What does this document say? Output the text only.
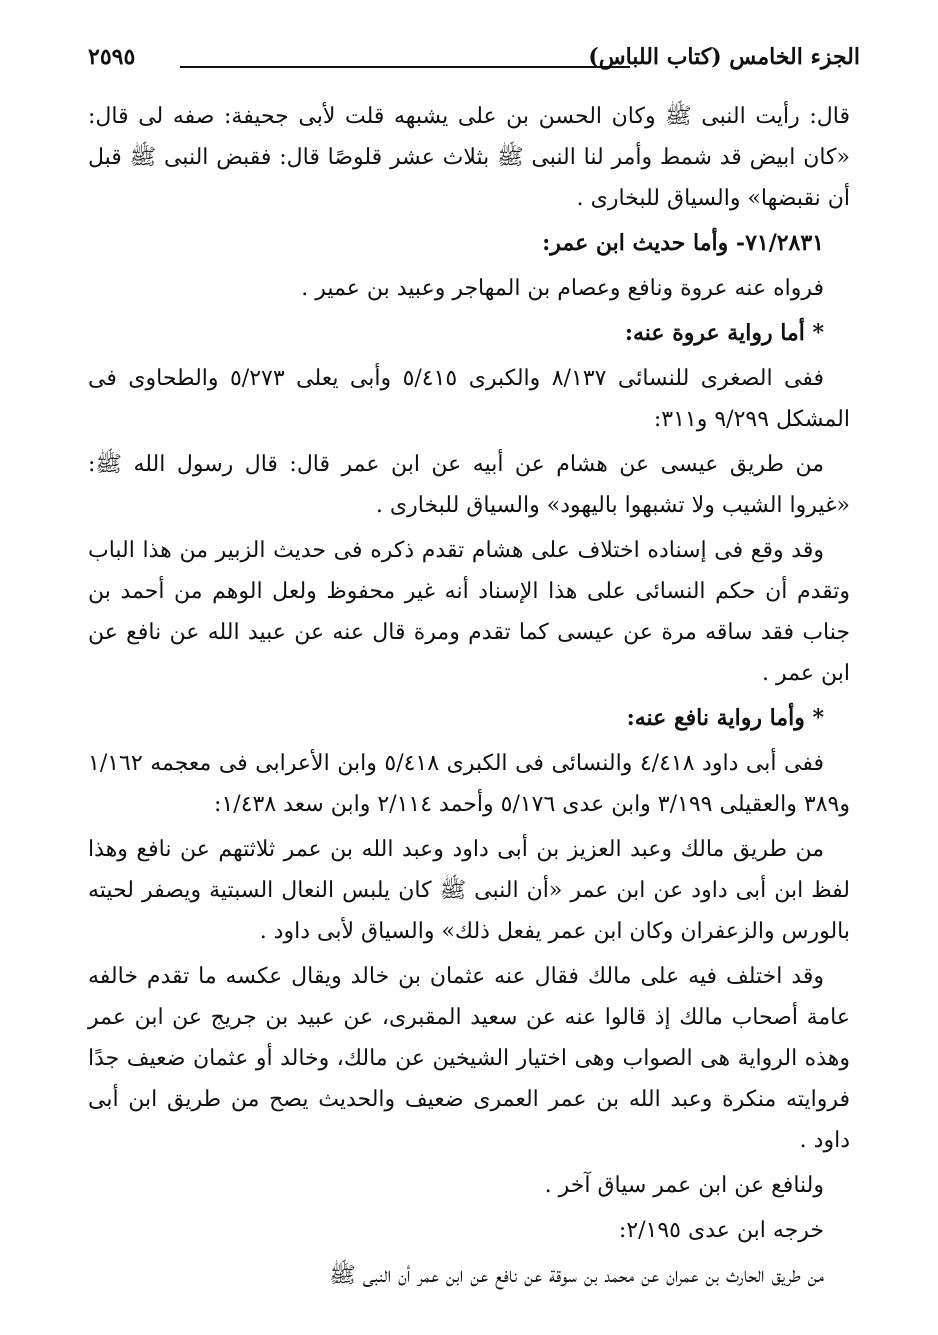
الجزء الخامس (كتاب اللباس)
٢٥٩٥

قال: رأيت النبى ﷺ وكان الحسن بن على يشبهه قلت لأبى جحيفة: صفه لى قال: «كان ابيض قد شمط وأمر لنا النبى ﷺ بثلاث عشر قلوصًا قال: فقبض النبى ﷺ قبل أن نقبضها» والسياق للبخارى .

٧١/٢٨٣١- وأما حديث ابن عمر:

فرواه عنه عروة ونافع وعصام بن المهاجر وعبيد بن عمير .

* أما رواية عروة عنه:

ففى الصغرى للنسائى ٨/١٣٧ والكبرى ٥/٤١٥ وأبى يعلى ٥/٢٧٣ والطحاوى فى المشكل ٩/٢٩٩ و٣١١:

من طريق عيسى عن هشام عن أبيه عن ابن عمر قال: قال رسول الله ﷺ: «غيروا الشيب ولا تشبهوا باليهود» والسياق للبخارى .

وقد وقع فى إسناده اختلاف على هشام تقدم ذكره فى حديث الزبير من هذا الباب وتقدم أن حكم النسائى على هذا الإسناد أنه غير محفوظ ولعل الوهم من أحمد بن جناب فقد ساقه مرة عن عيسى كما تقدم ومرة قال عنه عن عبيد الله عن نافع عن ابن عمر .

* وأما رواية نافع عنه:

ففى أبى داود ٤/٤١٨ والنسائى فى الكبرى ٥/٤١٨ وابن الأعرابى فى معجمه ١/١٦٢ و٣٨٩ والعقيلى ٣/١٩٩ وابن عدى ٥/١٧٦ وأحمد ٢/١١٤ وابن سعد ١/٤٣٨:

من طريق مالك وعبد العزيز بن أبى داود وعبد الله بن عمر ثلاثتهم عن نافع وهذا لفظ ابن أبى داود عن ابن عمر «أن النبى ﷺ كان يلبس النعال السبتية ويصفر لحيته بالورس والزعفران وكان ابن عمر يفعل ذلك» والسياق لأبى داود .

وقد اختلف فيه على مالك فقال عنه عثمان بن خالد ويقال عكسه ما تقدم خالفه عامة أصحاب مالك إذ قالوا عنه عن سعيد المقبرى، عن عبيد بن جريج عن ابن عمر وهذه الرواية هى الصواب وهى اختيار الشيخين عن مالك، وخالد أو عثمان ضعيف جدًا فروايته منكرة وعبد الله بن عمر العمرى ضعيف والحديث يصح من طريق ابن أبى داود .

ولنافع عن ابن عمر سياق آخر .

خرجه ابن عدى ٢/١٩٥:

من طريق الحارث بن عمران عن محمد بن سوقة عن نافع عن ابن عمر أن النبى ﷺ
